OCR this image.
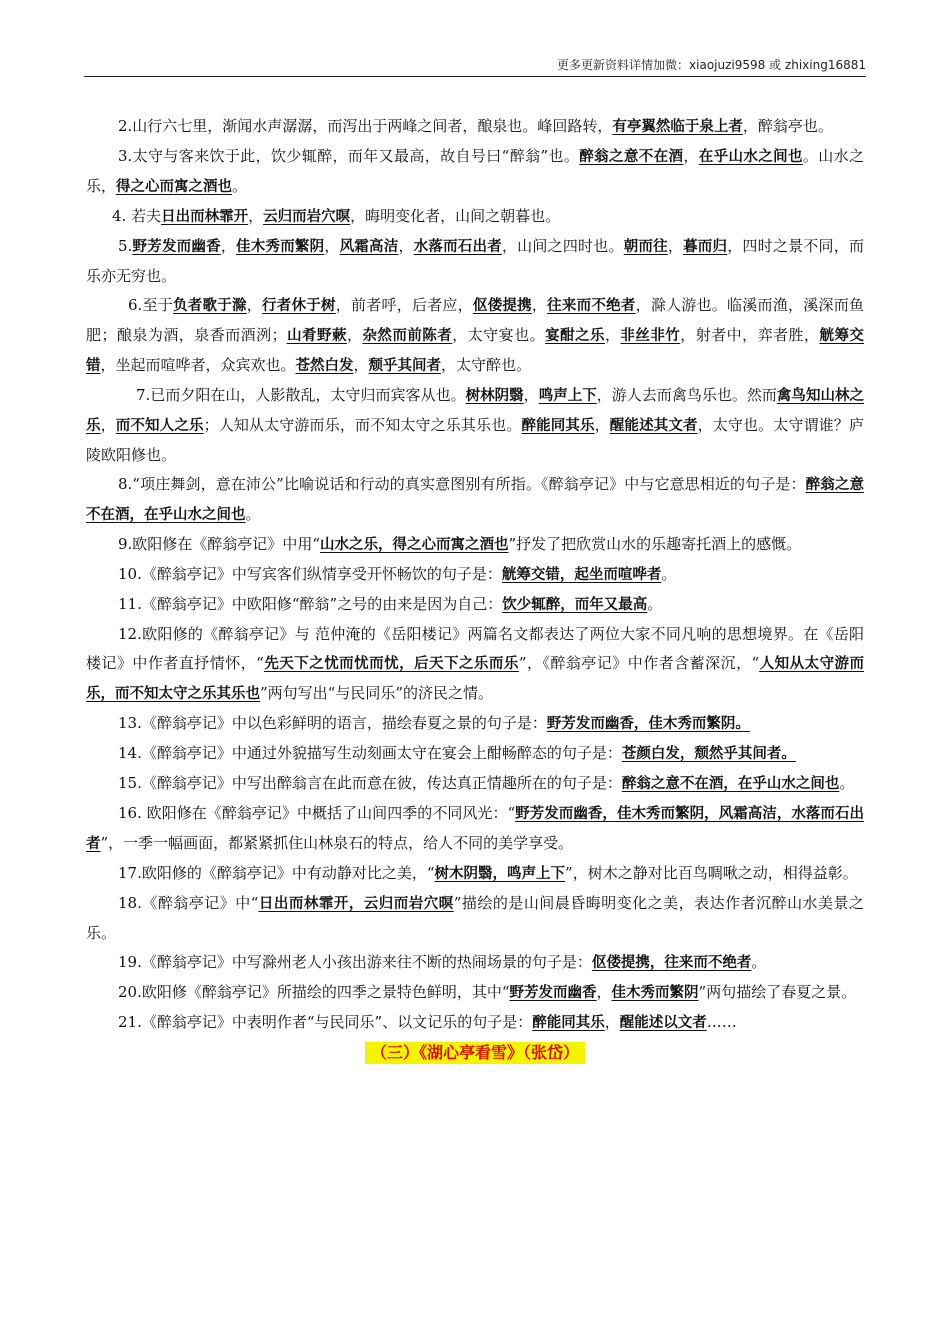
更多更新资料详情加微：xiaojuzi9598 或 zhixing16881

2.山行六七里，渐闻水声潺潺，而泻出于两峰之间者，酿泉也。峰回路转，有亭翼然临于泉上者，醉翁亭也。

3.太守与客来饮于此，饮少辄醉，而年又最高，故自号曰“醉翁”也。醉翁之意不在酒，在乎山水之间也。山水之乐，得之心而寓之酒也。

4. 若夫日出而林霏开，云归而岩穴暝，晦明变化者，山间之朝暮也。

5.野芳发而幽香，佳木秀而繁阴，风霜高洁，水落而石出者，山间之四时也。朝而往，暮而归，四时之景不同，而乐亦无穷也。

6.至于负者歌于滁，行者休于树，前者呼，后者应，伛偻提携，往来而不绝者，滁人游也。临溪而渔，溪深而鱼肥；酿泉为酒，泉香而酒洌；山肴野蔌，杂然而前陈者，太守宴也。宴酣之乐，非丝非竹，射者中，弈者胜，觥筹交错，坐起而喧哗者，众宾欢也。苍然白发，颓乎其间者，太守醉也。

7.已而夕阳在山，人影散乱，太守归而宾客从也。树林阴翳，鸣声上下，游人去而禽鸟乐也。然而禽鸟知山林之乐，而不知人之乐；人知从太守游而乐，而不知太守之乐其乐也。醉能同其乐，醒能述其文者，太守也。太守谓谁？庐陵欧阳修也。

8.“项庄舞剑，意在沛公”比喻说话和行动的真实意图别有所指。《醉翁亭记》中与它意思相近的句子是：醉翁之意不在酒，在乎山水之间也。

9.欧阳修在《醉翁亭记》中用“山水之乐，得之心而寓之酒也”抒发了把欣赏山水的乐趣寄托酒上的感慨。

10.《醉翁亭记》中写宾客们纵情享受开怀畅饮的句子是：觥筹交错，起坐而喧哗者。

11.《醉翁亭记》中欧阳修“醉翁”之号的由来是因为自己：饮少辄醉，而年又最高。

12.欧阳修的《醉翁亭记》与 范仲淹的《岳阳楼记》两篇名文都表达了两位大家不同凡响的思想境界。在《岳阳楼记》中作者直抒情怀，“先天下之忧而忧而忧，后天下之乐而乐”，《醉翁亭记》中作者含蓄深沉，“人知从太守游而乐，而不知太守之乐其乐也”两句写出“与民同乐”的济民之情。

13.《醉翁亭记》中以色彩鲜明的语言，描绘春夏之景的句子是：野芳发而幽香，佳木秀而繁阴。

14.《醉翁亭记》中通过外貌描写生动刻画太守在宴会上酣畅醉态的句子是：苍颜白发，颓然乎其间者。

15.《醉翁亭记》中写出醉翁言在此而意在彼，传达真正情趣所在的句子是：醉翁之意不在酒，在乎山水之间也。

16. 欧阳修在《醉翁亭记》中概括了山间四季的不同风光：“野芳发而幽香，佳木秀而繁阴，风霜高洁，水落而石出者”，一季一幅画面，都紧紧抓住山林泉石的特点，给人不同的美学享受。

17.欧阳修的《醉翁亭记》中有动静对比之美，“树木阴翳，鸣声上下”，树木之静对比百鸟啁啾之动，相得益彰。

18.《醉翁亭记》中“日出而林霏开，云归而岩穴暝”描绘的是山间晨昏晦明变化之美，表达作者沉醉山水美景之乐。

19.《醉翁亭记》中写滁州老人小孩出游来往不断的热闹场景的句子是：伛偻提携，往来而不绝者。

20.欧阳修《醉翁亭记》所描绘的四季之景特色鲜明，其中“野芳发而幽香，佳木秀而繁阴”两句描绘了春夏之景。

21.《醉翁亭记》中表明作者“与民同乐”、以文记乐的句子是：醉能同其乐，醒能述以文者……

（三）《湖心亭看雪》（张岱）
